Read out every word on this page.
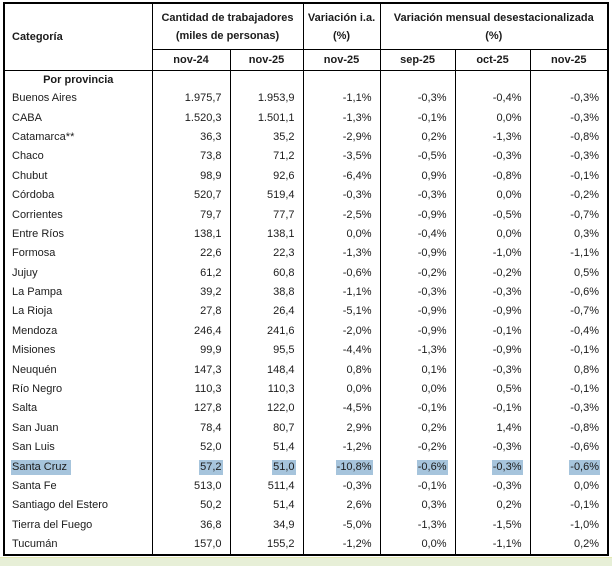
Categoría	
Cantidad de trabajadores
(miles de personas)

Variación i.a.
(%)

Variación mensual desestacionalizada
(%)

	nov-24	nov-25	nov-25	sep-25	oct-25	nov-25
Por provincia						
Buenos Aires	1.975,7	1.953,9	-1,1%	-0,3%	-0,4%	-0,3%
CABA	1.520,3	1.501,1	-1,3%	-0,1%	0,0%	-0,3%
Catamarca**	36,3	35,2	-2,9%	0,2%	-1,3%	-0,8%
Chaco	73,8	71,2	-3,5%	-0,5%	-0,3%	-0,3%
Chubut	98,9	92,6	-6,4%	0,9%	-0,8%	-0,1%
Córdoba	520,7	519,4	-0,3%	-0,3%	0,0%	-0,2%
Corrientes	79,7	77,7	-2,5%	-0,9%	-0,5%	-0,7%
Entre Ríos	138,1	138,1	0,0%	-0,4%	0,0%	0,3%
Formosa	22,6	22,3	-1,3%	-0,9%	-1,0%	-1,1%
Jujuy	61,2	60,8	-0,6%	-0,2%	-0,2%	0,5%
La Pampa	39,2	38,8	-1,1%	-0,3%	-0,3%	-0,6%
La Rioja	27,8	26,4	-5,1%	-0,9%	-0,9%	-0,7%
Mendoza	246,4	241,6	-2,0%	-0,9%	-0,1%	-0,4%
Misiones	99,9	95,5	-4,4%	-1,3%	-0,9%	-0,1%
Neuquén	147,3	148,4	0,8%	0,1%	-0,3%	0,8%
Río Negro	110,3	110,3	0,0%	0,0%	0,5%	-0,1%
Salta	127,8	122,0	-4,5%	-0,1%	-0,1%	-0,3%
San Juan	78,4	80,7	2,9%	0,2%	1,4%	-0,8%
San Luis	52,0	51,4	-1,2%	-0,2%	-0,3%	-0,6%
Santa Cruz	57,2	51,0	-10,8%	-0,6%	-0,3%	-0,6%
Santa Fe	513,0	511,4	-0,3%	-0,1%	-0,3%	0,0%
Santiago del Estero	50,2	51,4	2,6%	0,3%	0,2%	-0,1%
Tierra del Fuego	36,8	34,9	-5,0%	-1,3%	-1,5%	-1,0%
Tucumán	157,0	155,2	-1,2%	0,0%	-1,1%	0,2%
